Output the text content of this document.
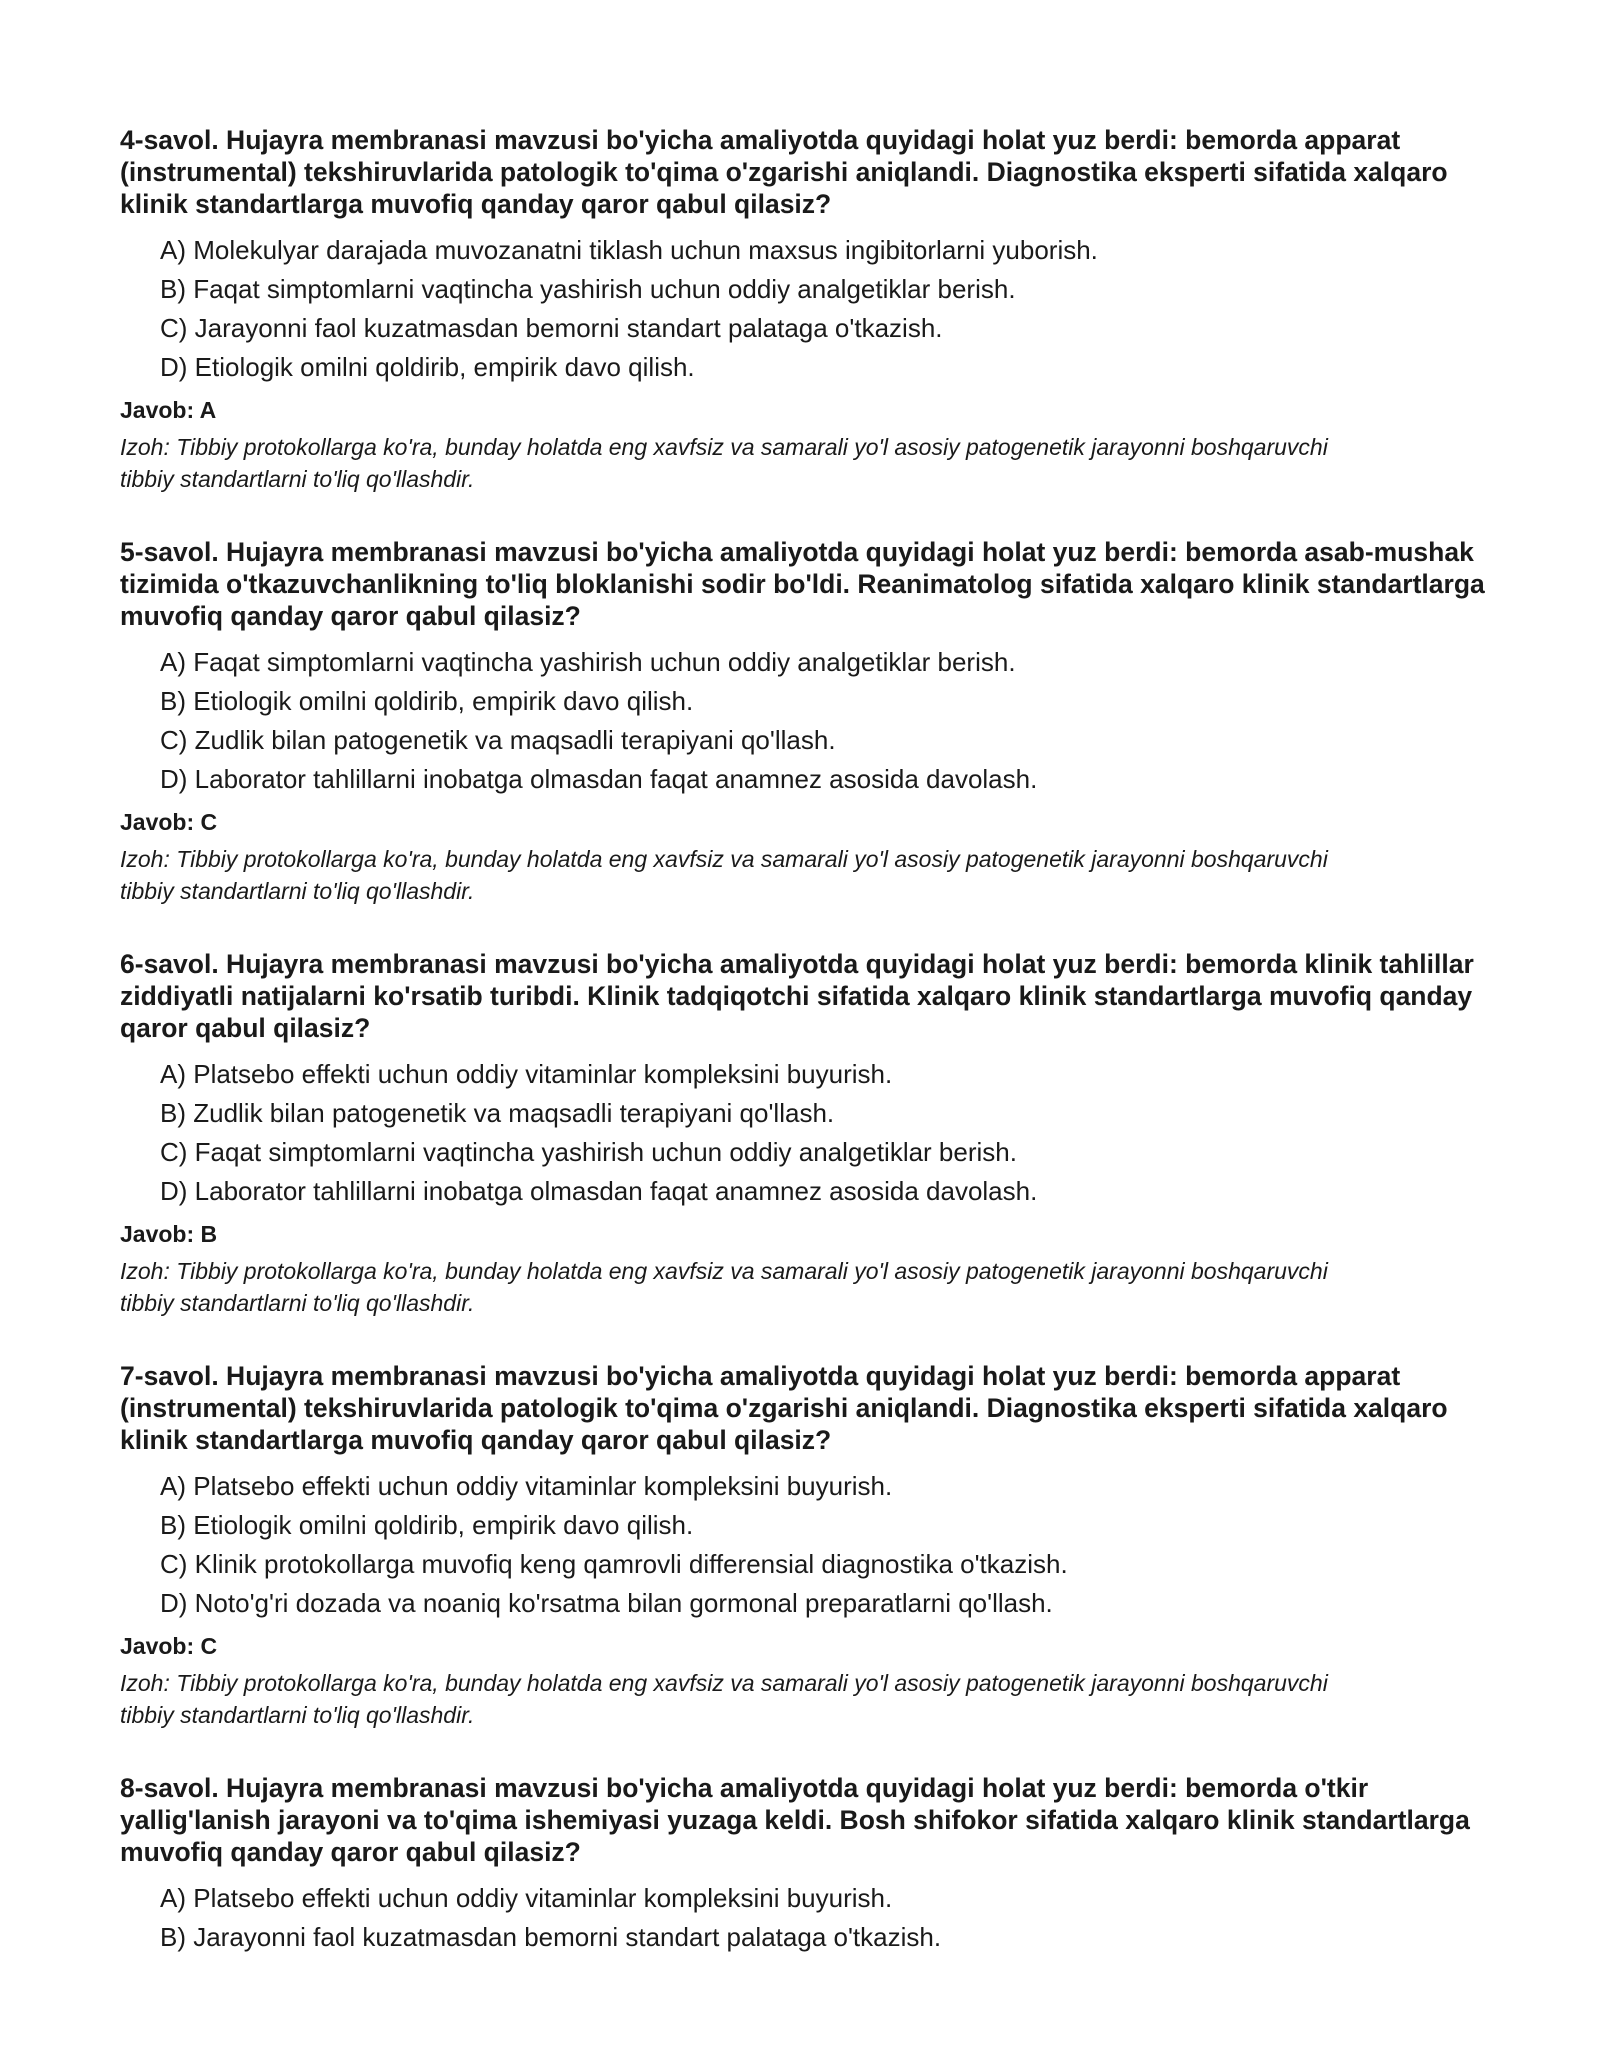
4-savol. Hujayra membranasi mavzusi bo'yicha amaliyotda quyidagi holat yuz berdi: bemorda apparat (instrumental) tekshiruvlarida patologik to'qima o'zgarishi aniqlandi. Diagnostika eksperti sifatida xalqaro klinik standartlarga muvofiq qanday qaror qabul qilasiz?

A) Molekulyar darajada muvozanatni tiklash uchun maxsus ingibitorlarni yuborish.
B) Faqat simptomlarni vaqtincha yashirish uchun oddiy analgetiklar berish.
C) Jarayonni faol kuzatmasdan bemorni standart palataga o'tkazish.
D) Etiologik omilni qoldirib, empirik davo qilish.

Javob: A

Izoh: Tibbiy protokollarga ko'ra, bunday holatda eng xavfsiz va samarali yo'l asosiy patogenetik jarayonni boshqaruvchi tibbiy standartlarni to'liq qo'llashdir.

5-savol. Hujayra membranasi mavzusi bo'yicha amaliyotda quyidagi holat yuz berdi: bemorda asab-mushak tizimida o'tkazuvchanlikning to'liq bloklanishi sodir bo'ldi. Reanimatolog sifatida xalqaro klinik standartlarga muvofiq qanday qaror qabul qilasiz?

A) Faqat simptomlarni vaqtincha yashirish uchun oddiy analgetiklar berish.
B) Etiologik omilni qoldirib, empirik davo qilish.
C) Zudlik bilan patogenetik va maqsadli terapiyani qo'llash.
D) Laborator tahlillarni inobatga olmasdan faqat anamnez asosida davolash.

Javob: C

Izoh: Tibbiy protokollarga ko'ra, bunday holatda eng xavfsiz va samarali yo'l asosiy patogenetik jarayonni boshqaruvchi tibbiy standartlarni to'liq qo'llashdir.

6-savol. Hujayra membranasi mavzusi bo'yicha amaliyotda quyidagi holat yuz berdi: bemorda klinik tahlillar ziddiyatli natijalarni ko'rsatib turibdi. Klinik tadqiqotchi sifatida xalqaro klinik standartlarga muvofiq qanday qaror qabul qilasiz?

A) Platsebo effekti uchun oddiy vitaminlar kompleksini buyurish.
B) Zudlik bilan patogenetik va maqsadli terapiyani qo'llash.
C) Faqat simptomlarni vaqtincha yashirish uchun oddiy analgetiklar berish.
D) Laborator tahlillarni inobatga olmasdan faqat anamnez asosida davolash.

Javob: B

Izoh: Tibbiy protokollarga ko'ra, bunday holatda eng xavfsiz va samarali yo'l asosiy patogenetik jarayonni boshqaruvchi tibbiy standartlarni to'liq qo'llashdir.

7-savol. Hujayra membranasi mavzusi bo'yicha amaliyotda quyidagi holat yuz berdi: bemorda apparat (instrumental) tekshiruvlarida patologik to'qima o'zgarishi aniqlandi. Diagnostika eksperti sifatida xalqaro klinik standartlarga muvofiq qanday qaror qabul qilasiz?

A) Platsebo effekti uchun oddiy vitaminlar kompleksini buyurish.
B) Etiologik omilni qoldirib, empirik davo qilish.
C) Klinik protokollarga muvofiq keng qamrovli differensial diagnostika o'tkazish.
D) Noto'g'ri dozada va noaniq ko'rsatma bilan gormonal preparatlarni qo'llash.

Javob: C

Izoh: Tibbiy protokollarga ko'ra, bunday holatda eng xavfsiz va samarali yo'l asosiy patogenetik jarayonni boshqaruvchi tibbiy standartlarni to'liq qo'llashdir.

8-savol. Hujayra membranasi mavzusi bo'yicha amaliyotda quyidagi holat yuz berdi: bemorda o'tkir yallig'lanish jarayoni va to'qima ishemiyasi yuzaga keldi. Bosh shifokor sifatida xalqaro klinik standartlarga muvofiq qanday qaror qabul qilasiz?

A) Platsebo effekti uchun oddiy vitaminlar kompleksini buyurish.
B) Jarayonni faol kuzatmasdan bemorni standart palataga o'tkazish.
